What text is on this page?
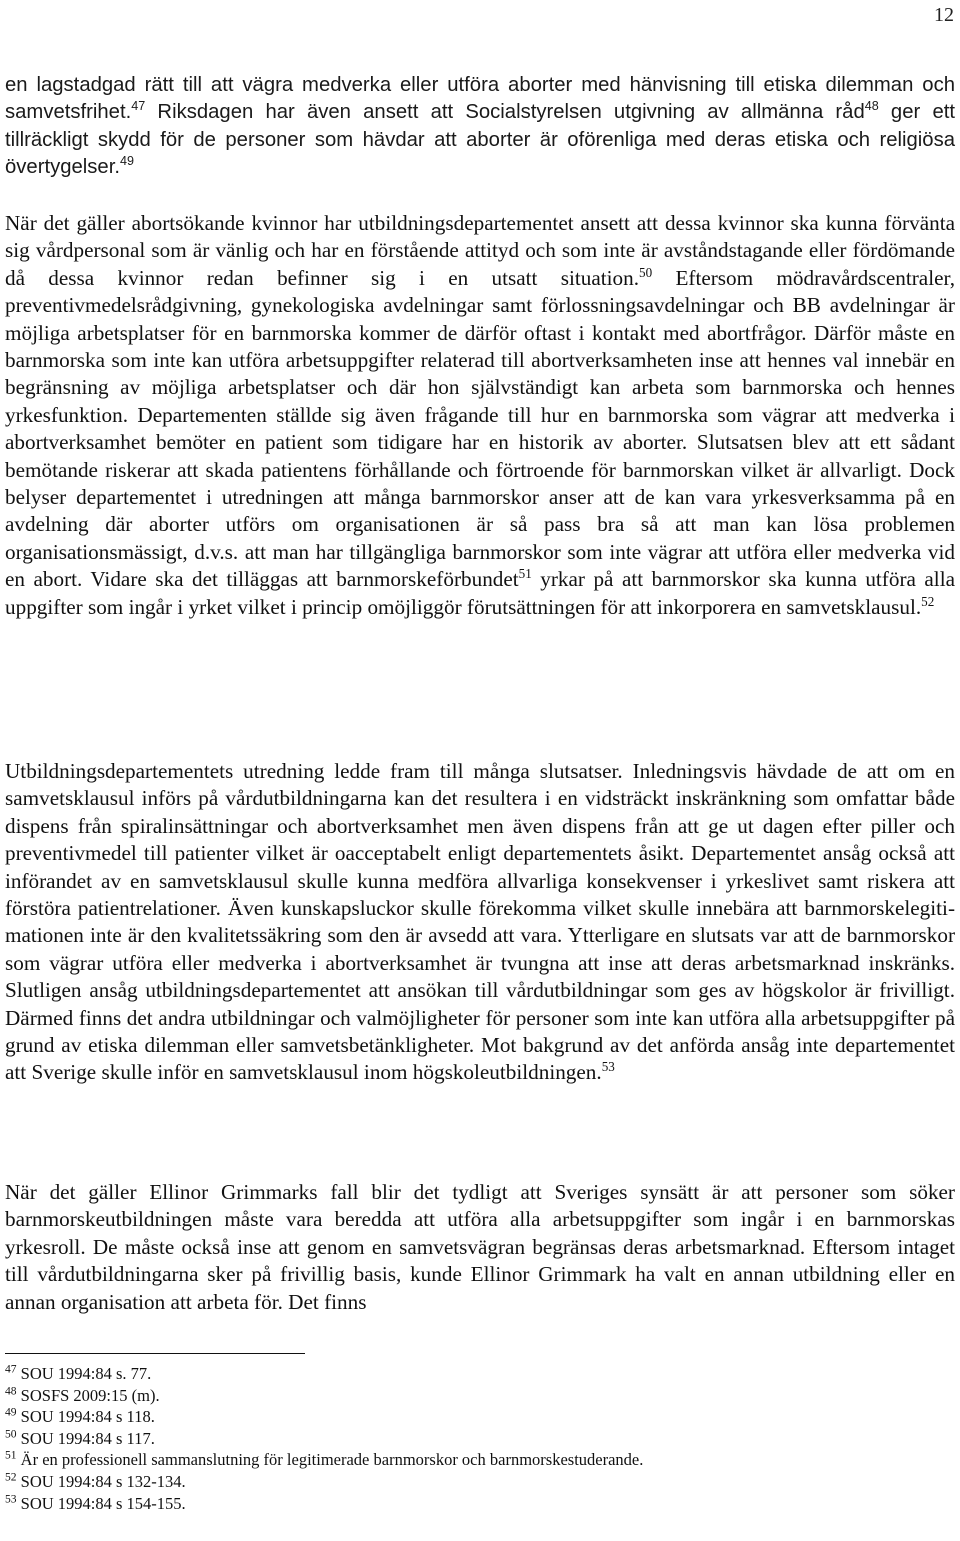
12

en lagstadgad rätt till att vägra medverka eller utföra aborter med hänvisning till etiska dilemman och samvetsfrihet.$^{47}$ Riksdagen har även ansett att Socialstyrelsen utgivning av allmänna råd$^{48}$ ger ett tillräckligt skydd för de personer som hävdar att aborter är oförenliga med deras etiska och religiösa övertygelser.$^{49}$

När det gäller abortsökande kvinnor har utbildningsdepartementet ansett att dessa kvinnor ska kunna förvänta sig vårdpersonal som är vänlig och har en förstående attityd och som inte är avståndstagande eller fördömande då dessa kvinnor redan befinner sig i en utsatt situation.$^{50}$ Eftersom mödravårdscentraler, preventivmedelsrådgivning, gynekologiska avdelningar samt förlossningsavdelningar och BB avdelningar är möjliga arbetsplatser för en barnmorska kommer de därför oftast i kontakt med abortfrågor. Därför måste en barnmorska som inte kan utföra arbetsuppgifter relaterad till abortverksamheten inse att hennes val innebär en begränsning av möjliga arbetsplatser och där hon självständigt kan arbeta som barnmorska och hennes yrkesfunktion. Departementen ställde sig även frågande till hur en barnmorska som vägrar att medverka i abortverksamhet bemöter en patient som tidigare har en historik av aborter. Slutsatsen blev att ett sådant bemötande riskerar att skada patientens förhållande och förtroende för barnmorskan vilket är allvarligt. Dock belyser departementet i utredningen att många barnmorskor anser att de kan vara yrkesverksamma på en avdelning där aborter utförs om organisationen är så pass bra så att man kan lösa problemen organisationsmässigt, d.v.s. att man har tillgängliga barnmorskor som inte vägrar att utföra eller medverka vid en abort. Vidare ska det tilläggas att barnmorskeförbundet$^{51}$ yrkar på att barnmorskor ska kunna utföra alla uppgifter som ingår i yrket vilket i princip omöjliggör förutsättningen för att inkorporera en samvetsklausul.$^{52}$

Utbildningsdepartementets utredning ledde fram till många slutsatser. Inledningsvis hävdade de att om en samvetsklausul införs på vårdutbildningarna kan det resultera i en vidsträckt inskränkning som omfattar både dispens från spiralinsättningar och abortverksamhet men även dispens från att ge ut dagen efter piller och preventivmedel till patienter vilket är oacceptabelt enligt departementets åsikt. Departementet ansåg också att införandet av en samvetsklausul skulle kunna medföra allvarliga konsekvenser i yrkeslivet samt riskera att förstöra patientrelationer. Även kunskapsluckor skulle förekomma vilket skulle innebära att barnmorskelegitimationen inte är den kvalitetssäkring som den är avsedd att vara. Ytterligare en slutsats var att de barnmorskor som vägrar utföra eller medverka i abortverksamhet är tvungna att inse att deras arbetsmarknad inskränks. Slutligen ansåg utbildningsdepartementet att ansökan till vårdutbildningar som ges av högskolor är frivilligt. Därmed finns det andra utbildningar och valmöjligheter för personer som inte kan utföra alla arbetsuppgifter på grund av etiska dilemman eller samvetsbetänkligheter. Mot bakgrund av det anförda ansåg inte departementet att Sverige skulle inför en samvetsklausul inom högskoleutbildningen.$^{53}$

När det gäller Ellinor Grimmarks fall blir det tydligt att Sveriges synsätt är att personer som söker barnmorskeutbildningen måste vara beredda att utföra alla arbetsuppgifter som ingår i en barnmorskas yrkesroll. De måste också inse att genom en samvetsvägran begränsas deras arbetsmarknad. Eftersom intaget till vårdutbildningarna sker på frivillig basis, kunde Ellinor Grimmark ha valt en annan utbildning eller en annan organisation att arbeta för. Det finns

$^{47}$ SOU 1994:84 s. 77.
$^{48}$ SOSFS 2009:15 (m).
$^{49}$ SOU 1994:84 s 118.
$^{50}$ SOU 1994:84 s 117.
$^{51}$ Är en professionell sammanslutning för legitimerade barnmorskor och barnmorskestuderande.
$^{52}$ SOU 1994:84 s 132-134.
$^{53}$ SOU 1994:84 s 154-155.
